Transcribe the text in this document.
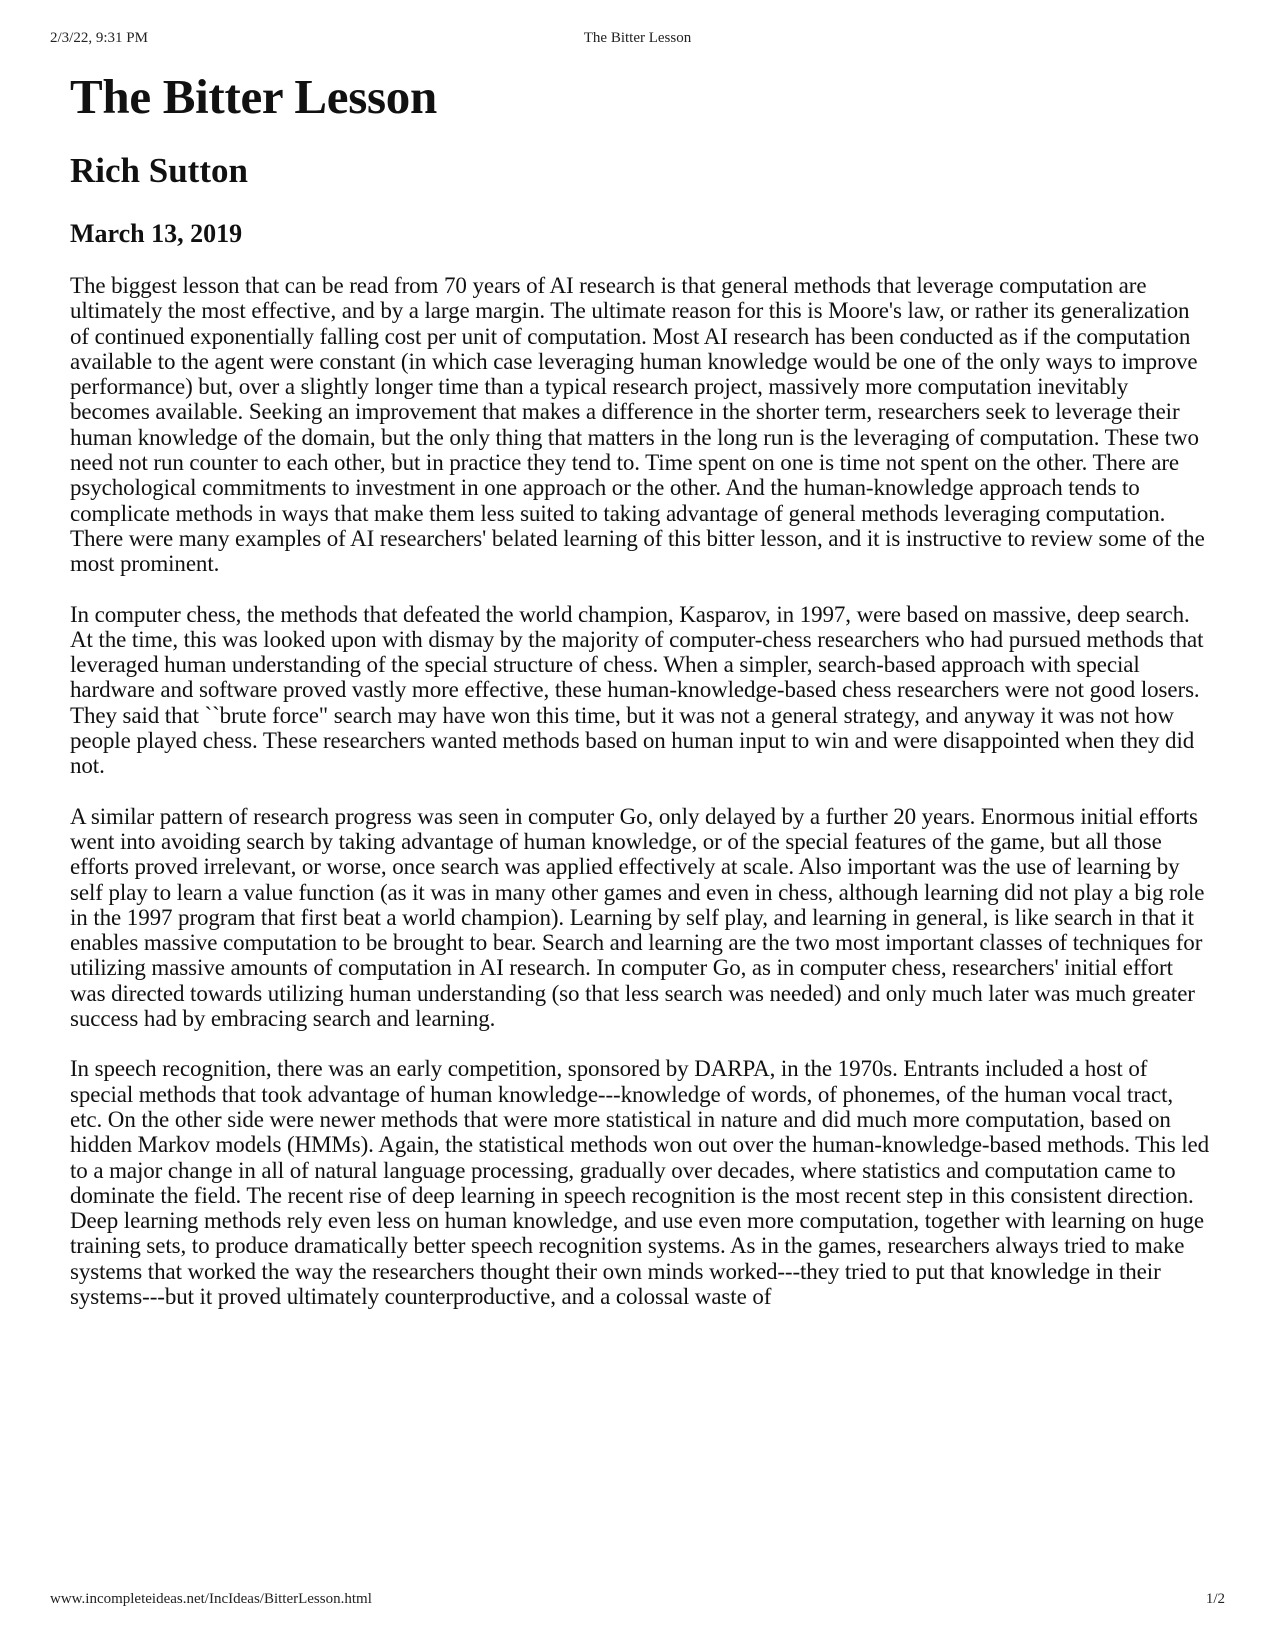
2/3/22, 9:31 PM	The Bitter Lesson
The Bitter Lesson
Rich Sutton
March 13, 2019

The biggest lesson that can be read from 70 years of AI research is that general methods that leverage computation are ultimately the most effective, and by a large margin. The ultimate reason for this is Moore's law, or rather its generalization of continued exponentially falling cost per unit of computation. Most AI research has been conducted as if the computation available to the agent were constant (in which case leveraging human knowledge would be one of the only ways to improve performance) but, over a slightly longer time than a typical research project, massively more computation inevitably becomes available. Seeking an improvement that makes a difference in the shorter term, researchers seek to leverage their human knowledge of the domain, but the only thing that matters in the long run is the leveraging of computation. These two need not run counter to each other, but in practice they tend to. Time spent on one is time not spent on the other. There are psychological commitments to investment in one approach or the other. And the human-knowledge approach tends to complicate methods in ways that make them less suited to taking advantage of general methods leveraging computation. There were many examples of AI researchers' belated learning of this bitter lesson, and it is instructive to review some of the most prominent.

In computer chess, the methods that defeated the world champion, Kasparov, in 1997, were based on massive, deep search. At the time, this was looked upon with dismay by the majority of computer-chess researchers who had pursued methods that leveraged human understanding of the special structure of chess. When a simpler, search-based approach with special hardware and software proved vastly more effective, these human-knowledge-based chess researchers were not good losers. They said that ``brute force" search may have won this time, but it was not a general strategy, and anyway it was not how people played chess. These researchers wanted methods based on human input to win and were disappointed when they did not.

A similar pattern of research progress was seen in computer Go, only delayed by a further 20 years. Enormous initial efforts went into avoiding search by taking advantage of human knowledge, or of the special features of the game, but all those efforts proved irrelevant, or worse, once search was applied effectively at scale. Also important was the use of learning by self play to learn a value function (as it was in many other games and even in chess, although learning did not play a big role in the 1997 program that first beat a world champion). Learning by self play, and learning in general, is like search in that it enables massive computation to be brought to bear. Search and learning are the two most important classes of techniques for utilizing massive amounts of computation in AI research. In computer Go, as in computer chess, researchers' initial effort was directed towards utilizing human understanding (so that less search was needed) and only much later was much greater success had by embracing search and learning.

In speech recognition, there was an early competition, sponsored by DARPA, in the 1970s. Entrants included a host of special methods that took advantage of human knowledge---knowledge of words, of phonemes, of the human vocal tract, etc. On the other side were newer methods that were more statistical in nature and did much more computation, based on hidden Markov models (HMMs). Again, the statistical methods won out over the human-knowledge-based methods. This led to a major change in all of natural language processing, gradually over decades, where statistics and computation came to dominate the field. The recent rise of deep learning in speech recognition is the most recent step in this consistent direction. Deep learning methods rely even less on human knowledge, and use even more computation, together with learning on huge training sets, to produce dramatically better speech recognition systems. As in the games, researchers always tried to make systems that worked the way the researchers thought their own minds worked---they tried to put that knowledge in their systems---but it proved ultimately counterproductive, and a colossal waste of

www.incompleteideas.net/IncIdeas/BitterLesson.html	1/2
